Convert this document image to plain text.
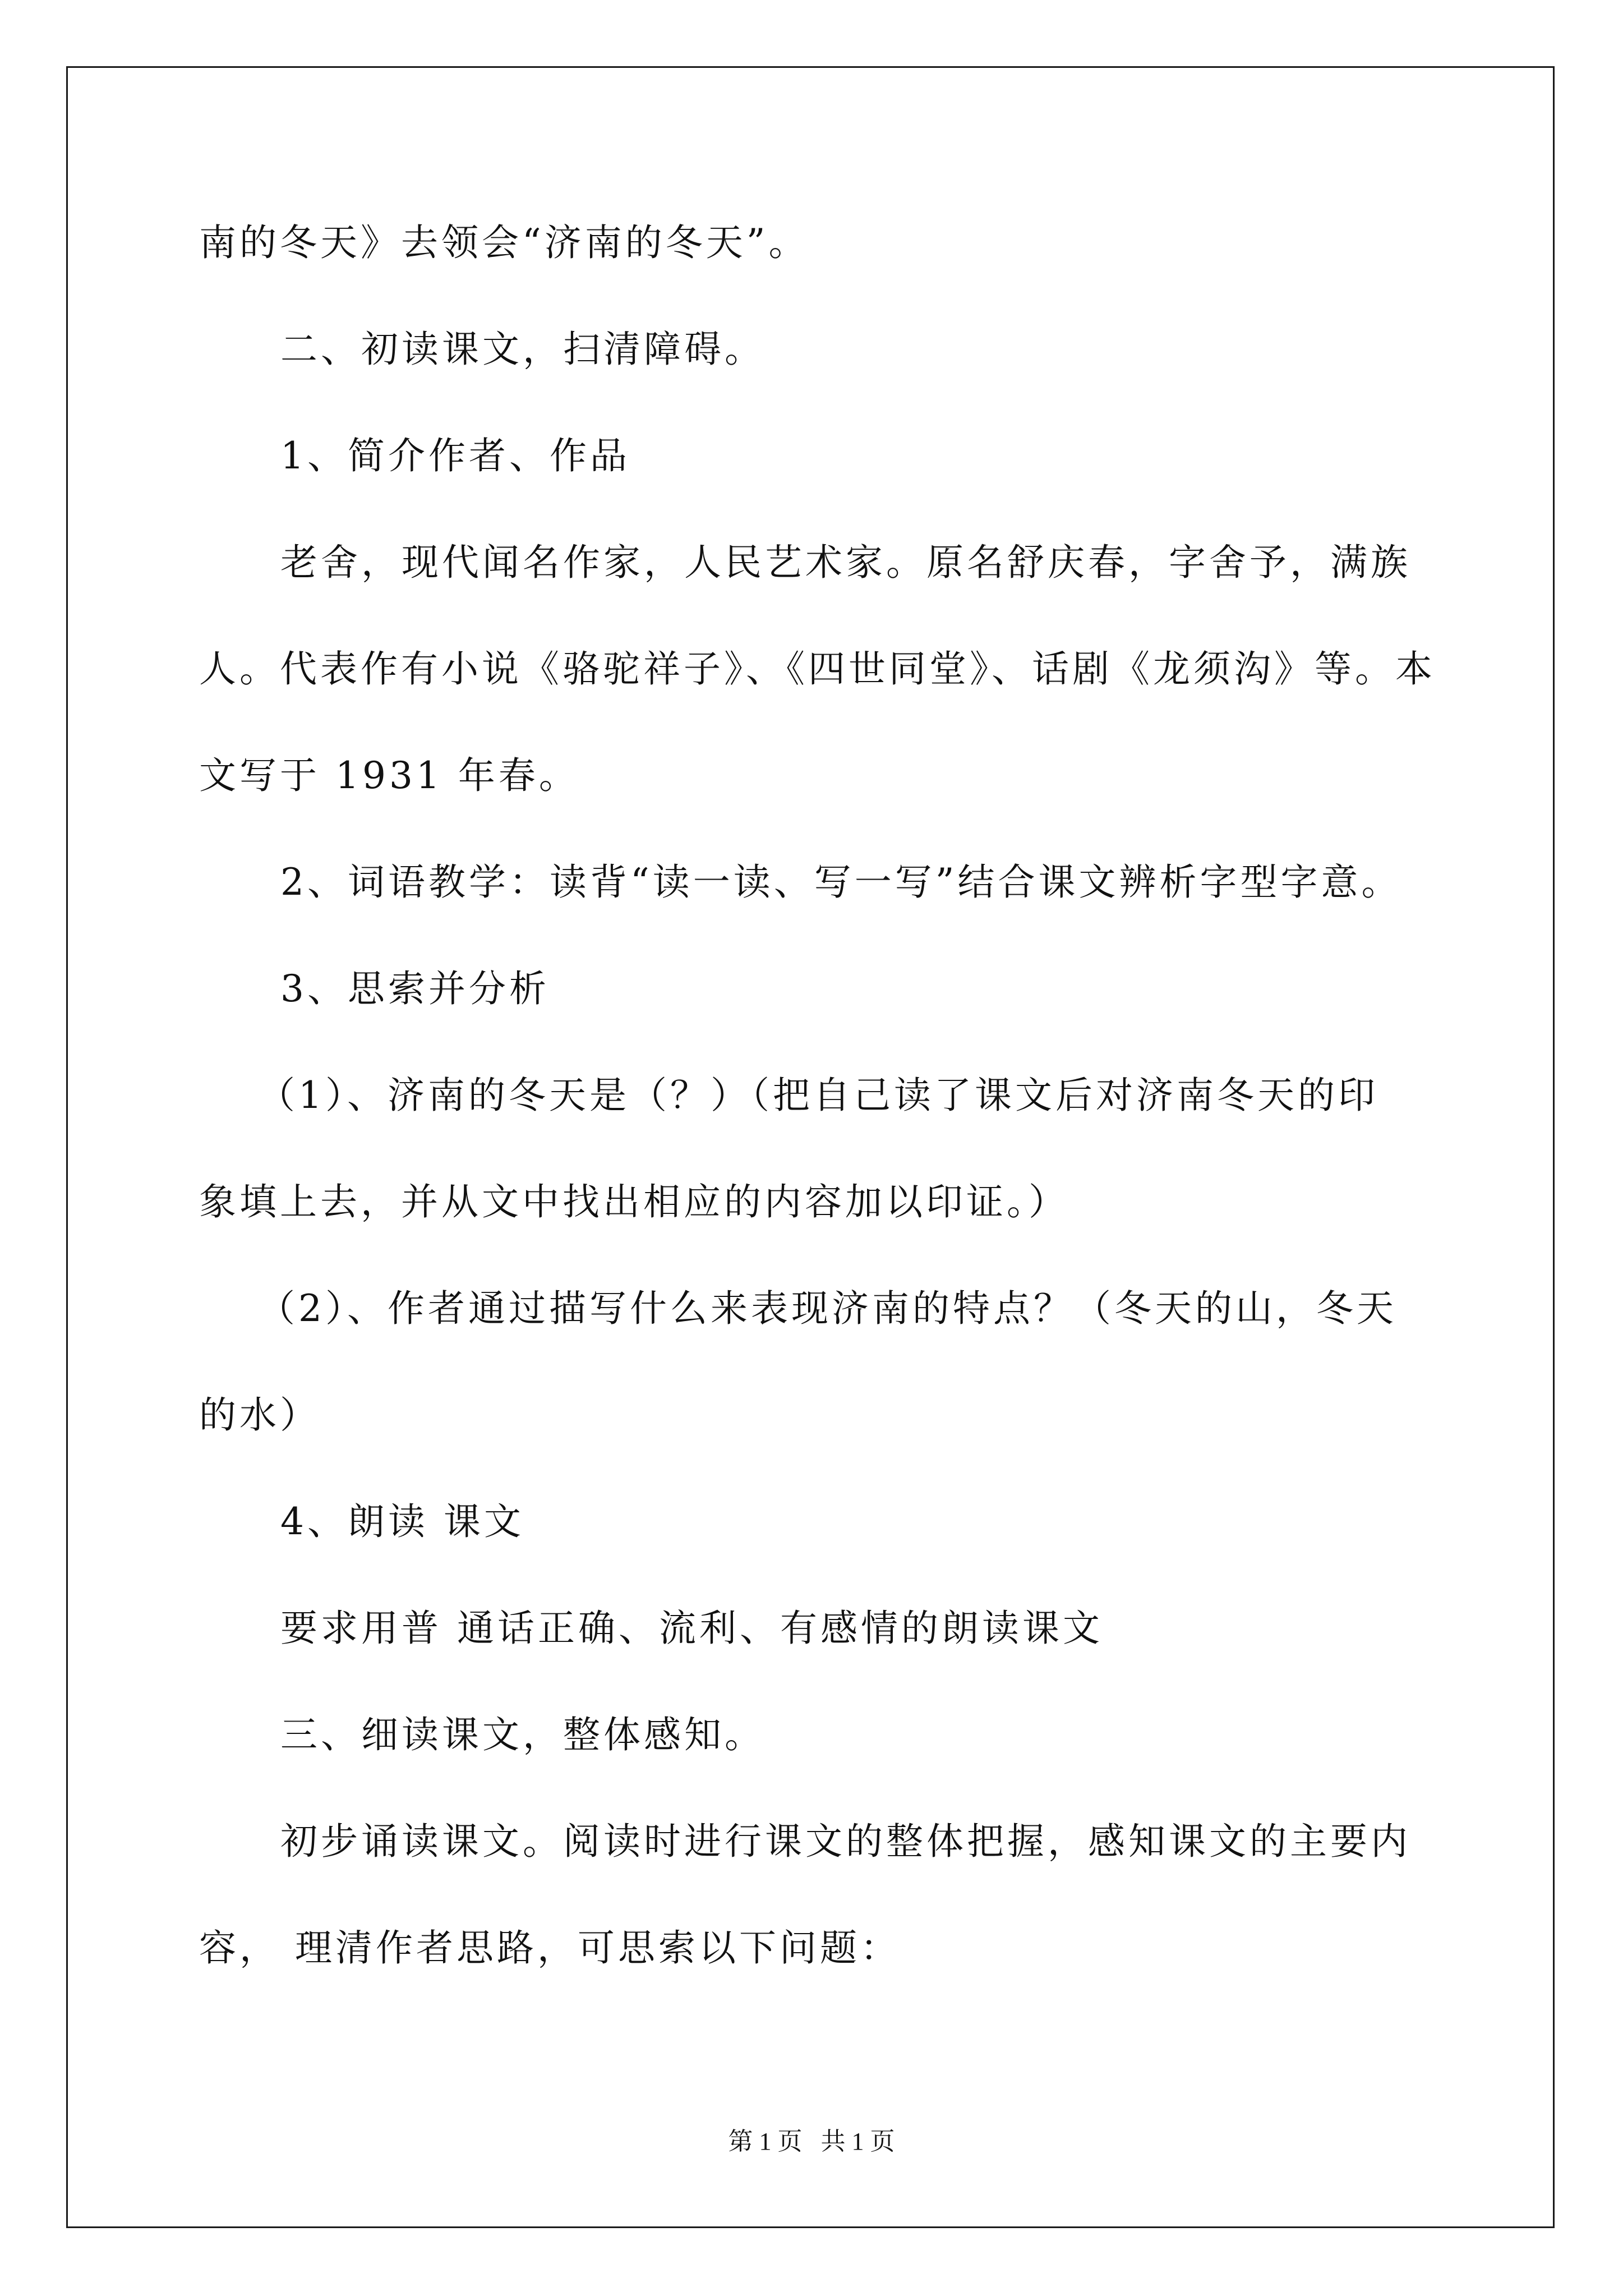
南的冬天》去领会“济南的冬天”。
二、初读课文，扫清障碍。
1、简介作者、作品
老舍，现代闻名作家，人民艺术家。原名舒庆春，字舍予，满族
人。代表作有小说《骆驼祥子》、《四世同堂》、话剧《龙须沟》等。本
文写于 1931 年春。
2、词语教学：读背“读一读、写一写”结合课文辨析字型字意。
3、思索并分析
（1）、济南的冬天是（？）（把自己读了课文后对济南冬天的印
象填上去，并从文中找出相应的内容加以印证。）
（2）、作者通过描写什么来表现济南的特点？（冬天的山，冬天
的水）
4、朗读 课文
要求用普 通话正确、流利、有感情的朗读课文
三、细读课文，整体感知。
初步诵读课文。阅读时进行课文的整体把握，感知课文的主要内
容， 理清作者思路，可思索以下问题：
第 1 页   共 1 页
